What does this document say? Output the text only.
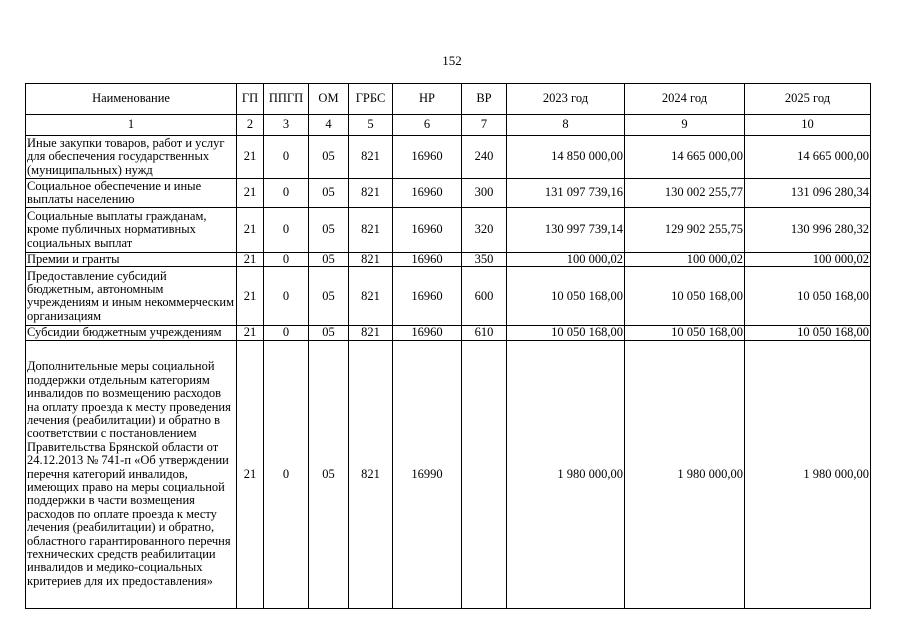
152
Наименование	ГП	ППГП	ОМ	ГРБС	НР	ВР	2023 год	2024 год	2025 год
1	2	3	4	5	6	7	8	9	10
Иные закупки товаров, работ и услуг для обеспечения государственных (муниципальных) нужд	21	0	05	821	16960	240	14 850 000,00	14 665 000,00	14 665 000,00
Социальное обеспечение и иные выплаты населению	21	0	05	821	16960	300	131 097 739,16	130 002 255,77	131 096 280,34
Социальные выплаты гражданам, кроме публичных нормативных социальных выплат	21	0	05	821	16960	320	130 997 739,14	129 902 255,75	130 996 280,32
Премии и гранты	21	0	05	821	16960	350	100 000,02	100 000,02	100 000,02
Предоставление субсидий бюджетным, автономным учреждениям и иным некоммерческим организациям	21	0	05	821	16960	600	10 050 168,00	10 050 168,00	10 050 168,00
Субсидии бюджетным учреждениям	21	0	05	821	16960	610	10 050 168,00	10 050 168,00	10 050 168,00
Дополнительные меры социальной поддержки отдельным категориям инвалидов по возмещению расходов на оплату проезда к месту проведения лечения (реабилитации) и обратно в соответствии с постановлением Правительства Брянской области от 24.12.2013 № 741-п «Об утверждении перечня категорий инвалидов, имеющих право на меры социальной поддержки в части возмещения расходов по оплате проезда к месту лечения (реабилитации) и обратно, областного гарантированного перечня технических средств реабилитации инвалидов и медико-социальных критериев для их предоставления»	21	0	05	821	16990		1 980 000,00	1 980 000,00	1 980 000,00
